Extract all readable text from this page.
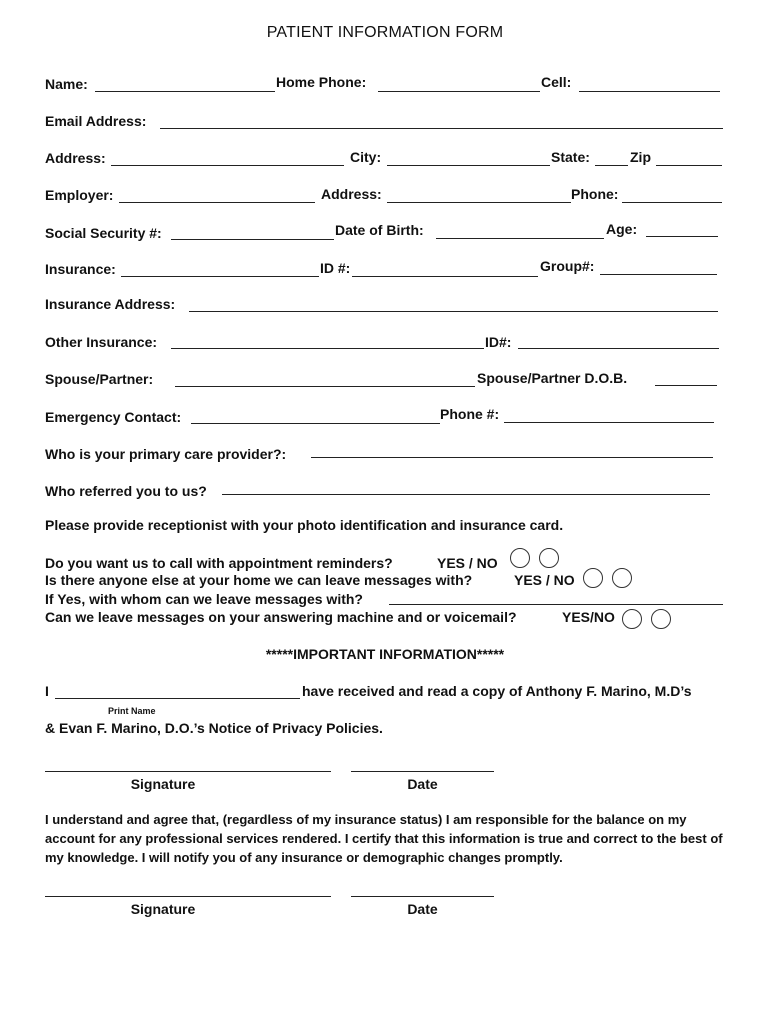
PATIENT INFORMATION FORM
Name:	Home Phone:	Cell:
Email Address:
Address:	City:	State:	Zip
Employer:	Address:	Phone:
Social Security #:	Date of Birth:	Age:
Insurance:	ID #:	Group#:
Insurance Address:
Other Insurance:	ID#:
Spouse/Partner:	Spouse/Partner D.O.B.
Emergency Contact:	Phone #:
Who is your primary care provider?:
Who referred you to us?
Please provide receptionist with your photo identification and insurance card.
Do you want us to call with appointment reminders?	YES / NO
Is there anyone else at your home we can leave messages with?	YES / NO
If Yes, with whom can we leave messages with?
Can we leave messages on your answering machine and or voicemail?	YES/NO
*****IMPORTANT INFORMATION*****
I	have received and read a copy of Anthony F. Marino, M.D’s
Print Name
& Evan F. Marino, D.O.’s Notice of Privacy Policies.
Signature	Date
I understand and agree that, (regardless of my insurance status) I am responsible for the balance on my account for any professional services rendered. I certify that this information is true and correct to the best of my knowledge. I will notify you of any insurance or demographic changes promptly.
Signature	Date
